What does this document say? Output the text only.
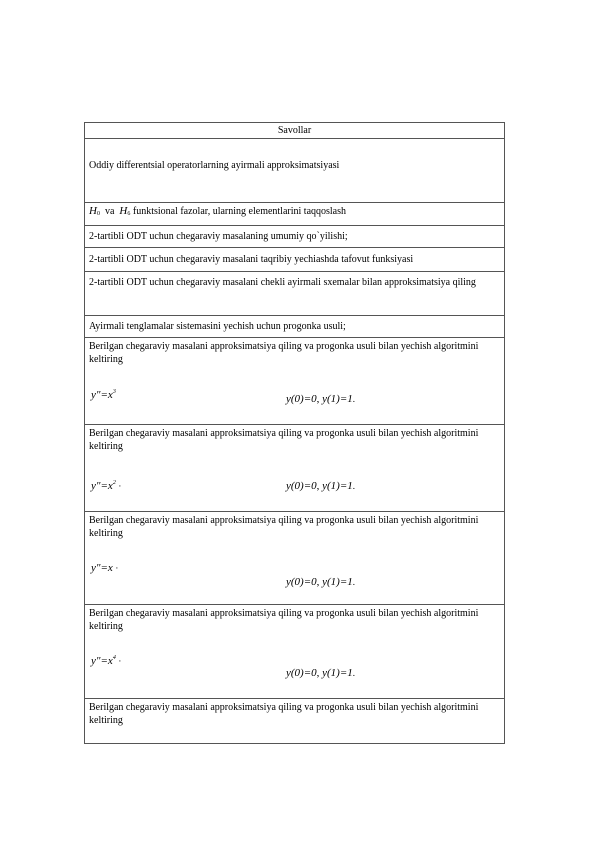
Savollar
Oddiy differentsial operatorlarning ayirmali approksimatsiyasi

H0 va H6 funktsional fazolar, ularning elementlarini taqqoslash

2-tartibli ODT uchun chegaraviy masalaning umumiy qo`yilishi;
2-tartibli ODT uchun chegaraviy masalani taqribiy yechiashda tafovut funksiyasi
2-tartibli ODT uchun chegaraviy masalani chekli ayirmali sxemalar bilan approksimatsiya qiling
Ayirmali tenglamalar sistemasini yechish uchun progonka usuli;

Berilgan chegaraviy masalani approksimatsiya qiling va progonka usuli bilan yechish algoritmini keltiring
$y"=x^3$
y(0)=0, y(1)=1.

Berilgan chegaraviy masalani approksimatsiya qiling va progonka usuli bilan yechish algoritmini keltiring
$y"=x^2$ ·	y(0)=0, y(1)=1.

Berilgan chegaraviy masalani approksimatsiya qiling va progonka usuli bilan yechish algoritmini keltiring
y"=x ·
y(0)=0, y(1)=1.

Berilgan chegaraviy masalani approksimatsiya qiling va progonka usuli bilan yechish algoritmini keltiring
$y"=x^4$ ·
y(0)=0, y(1)=1.

Berilgan chegaraviy masalani approksimatsiya qiling va progonka usuli bilan yechish algoritmini keltiring
